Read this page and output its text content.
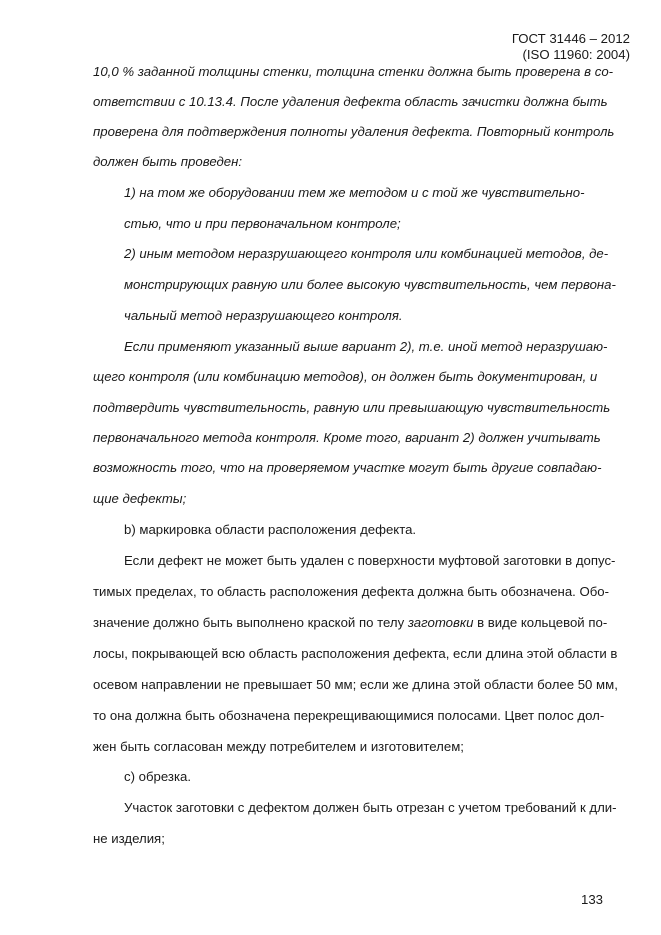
ГОСТ 31446 – 2012
(ISO 11960: 2004)
10,0 % заданной толщины стенки, толщина стенки должна быть проверена в со-
ответствии с 10.13.4. После удаления дефекта область зачистки должна быть
проверена для подтверждения полноты удаления дефекта. Повторный контроль
должен быть проведен:
1) на том же оборудовании тем же методом и с той же чувствительно-
стью, что и при первоначальном контроле;
2) иным методом неразрушающего контроля или комбинацией методов, де-
монстрирующих равную или более высокую чувствительность, чем первона-
чальный метод неразрушающего контроля.
Если применяют указанный выше вариант 2), т.е. иной метод неразрушаю-
щего контроля (или комбинацию методов), он должен быть документирован, и
подтвердить чувствительность, равную или превышающую чувствительность
первоначального метода контроля. Кроме того, вариант 2) должен учитывать
возможность того, что на проверяемом участке могут быть другие совпадаю-
щие дефекты;
b) маркировка области расположения дефекта.
Если дефект не может быть удален с поверхности муфтовой заготовки в допус-
тимых пределах, то область расположения дефекта должна быть обозначена. Обо-
значение должно быть выполнено краской по телу заготовки в виде кольцевой по-
лосы, покрывающей всю область расположения дефекта, если длина этой области в
осевом направлении не превышает 50 мм; если же длина этой области более 50 мм,
то она должна быть обозначена перекрещивающимися полосами. Цвет полос дол-
жен быть согласован между потребителем и изготовителем;
c) обрезка.
Участок заготовки с дефектом должен быть отрезан с учетом требований к дли-
не изделия;
133
